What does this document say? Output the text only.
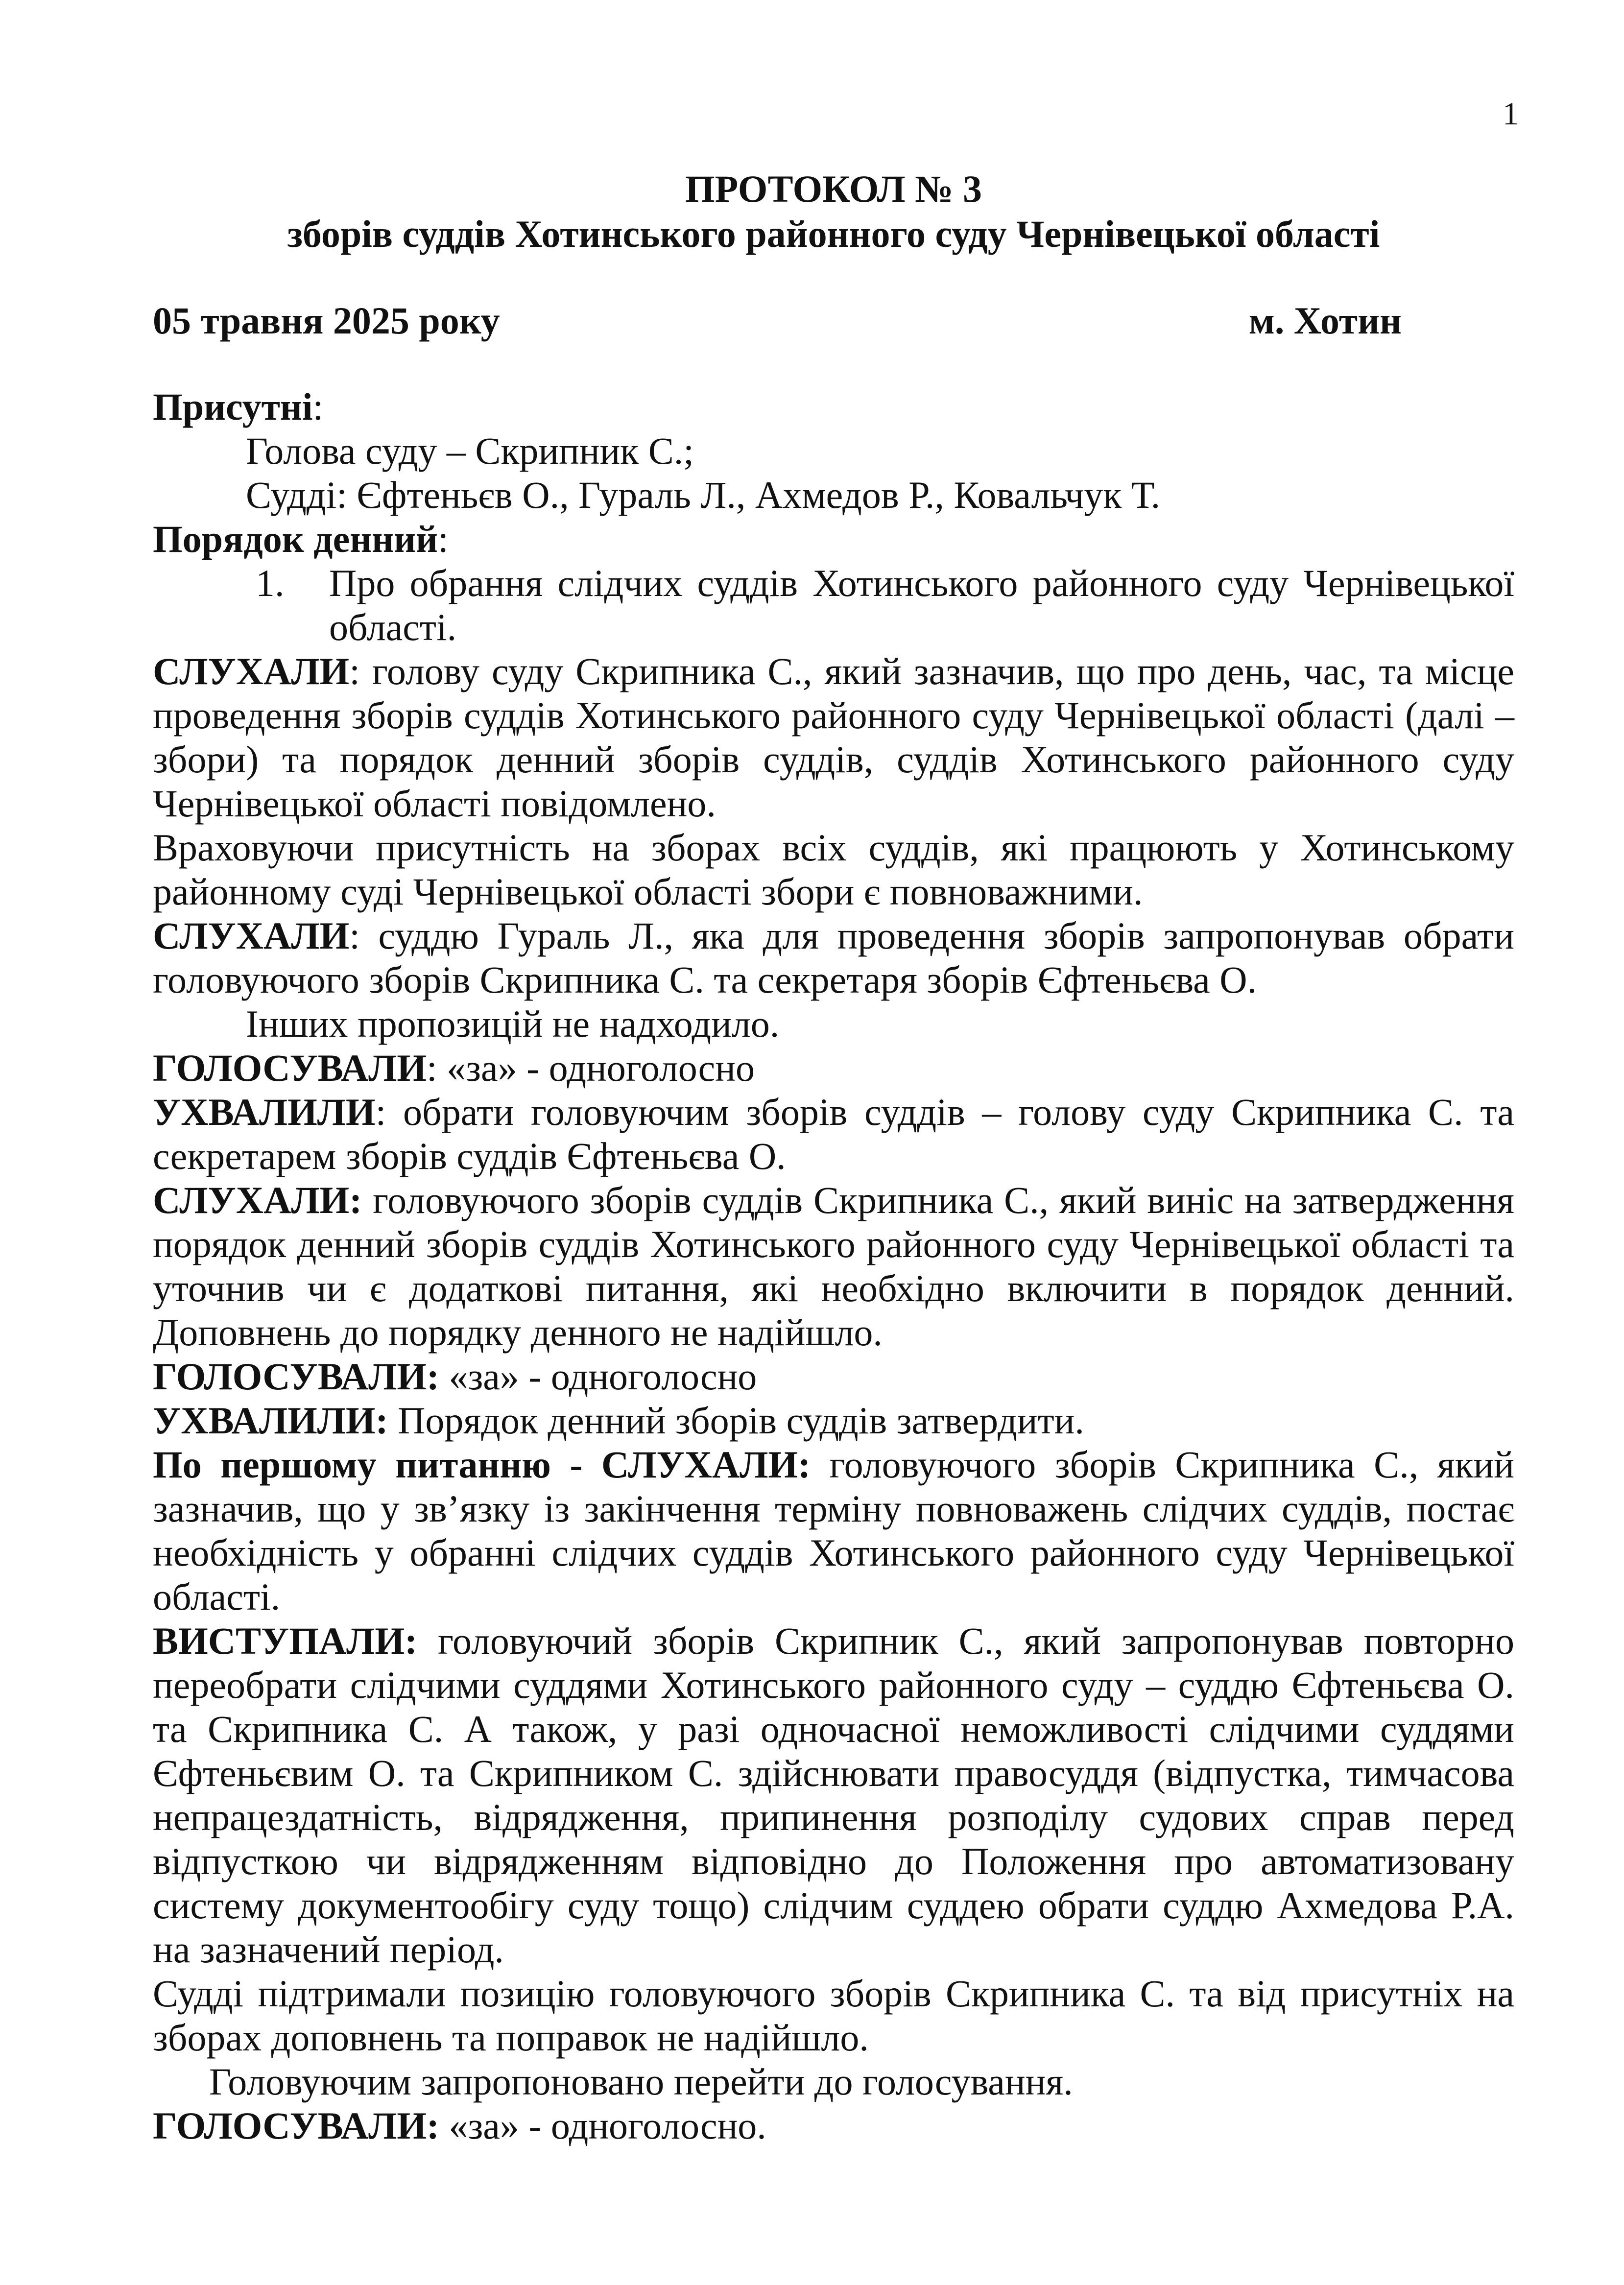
1

ПРОТОКОЛ № 3

зборів суддів Хотинського районного суду Чернівецької області

05 травня 2025 року	м. Хотин

Присутні:

Голова суду – Скрипник С.;

Судді: Єфтеньєв О., Гураль Л., Ахмедов Р., Ковальчук Т.

Порядок денний:

1.	Про обрання слідчих суддів Хотинського районного суду Чернівецької області.

СЛУХАЛИ: голову суду Скрипника С., який зазначив, що про день, час, та місце проведення зборів суддів Хотинського районного суду Чернівецької області (далі – збори) та порядок денний зборів суддів, суддів Хотинського районного суду Чернівецької області повідомлено.

Враховуючи присутність на зборах всіх суддів, які працюють у Хотинському районному суді Чернівецької області збори є повноважними.

СЛУХАЛИ: суддю Гураль Л., яка для проведення зборів запропонував обрати головуючого зборів Скрипника С. та секретаря зборів Єфтеньєва О.

Інших пропозицій не надходило.

ГОЛОСУВАЛИ: «за» - одноголосно

УХВАЛИЛИ: обрати головуючим зборів суддів – голову суду Скрипника С. та секретарем зборів суддів Єфтеньєва О.

СЛУХАЛИ: головуючого зборів суддів Скрипника С., який виніс на затвердження порядок денний зборів суддів Хотинського районного суду Чернівецької області та уточнив чи є додаткові питання, які необхідно включити в порядок денний. Доповнень до порядку денного не надійшло.

ГОЛОСУВАЛИ: «за» - одноголосно

УХВАЛИЛИ: Порядок денний зборів суддів затвердити.

По першому питанню - СЛУХАЛИ: головуючого зборів Скрипника С., який зазначив, що у зв’язку із закінчення терміну повноважень слідчих суддів, постає необхідність у обранні слідчих суддів Хотинського районного суду Чернівецької області.

ВИСТУПАЛИ: головуючий зборів Скрипник С., який запропонував повторно переобрати слідчими суддями Хотинського районного суду – суддю Єфтеньєва О. та Скрипника С. А також, у разі одночасної неможливості слідчими суддями Єфтеньєвим О. та Скрипником С. здійснювати правосуддя (відпустка, тимчасова непрацездатність, відрядження, припинення розподілу судових справ перед відпусткою чи відрядженням відповідно до Положення про автоматизовану систему документообігу суду тощо) слідчим суддею обрати суддю Ахмедова Р.А. на зазначений період.

Судді підтримали позицію головуючого зборів Скрипника С. та від присутніх на зборах доповнень та поправок не надійшло.

Головуючим запропоновано перейти до голосування.

ГОЛОСУВАЛИ: «за» - одноголосно.
